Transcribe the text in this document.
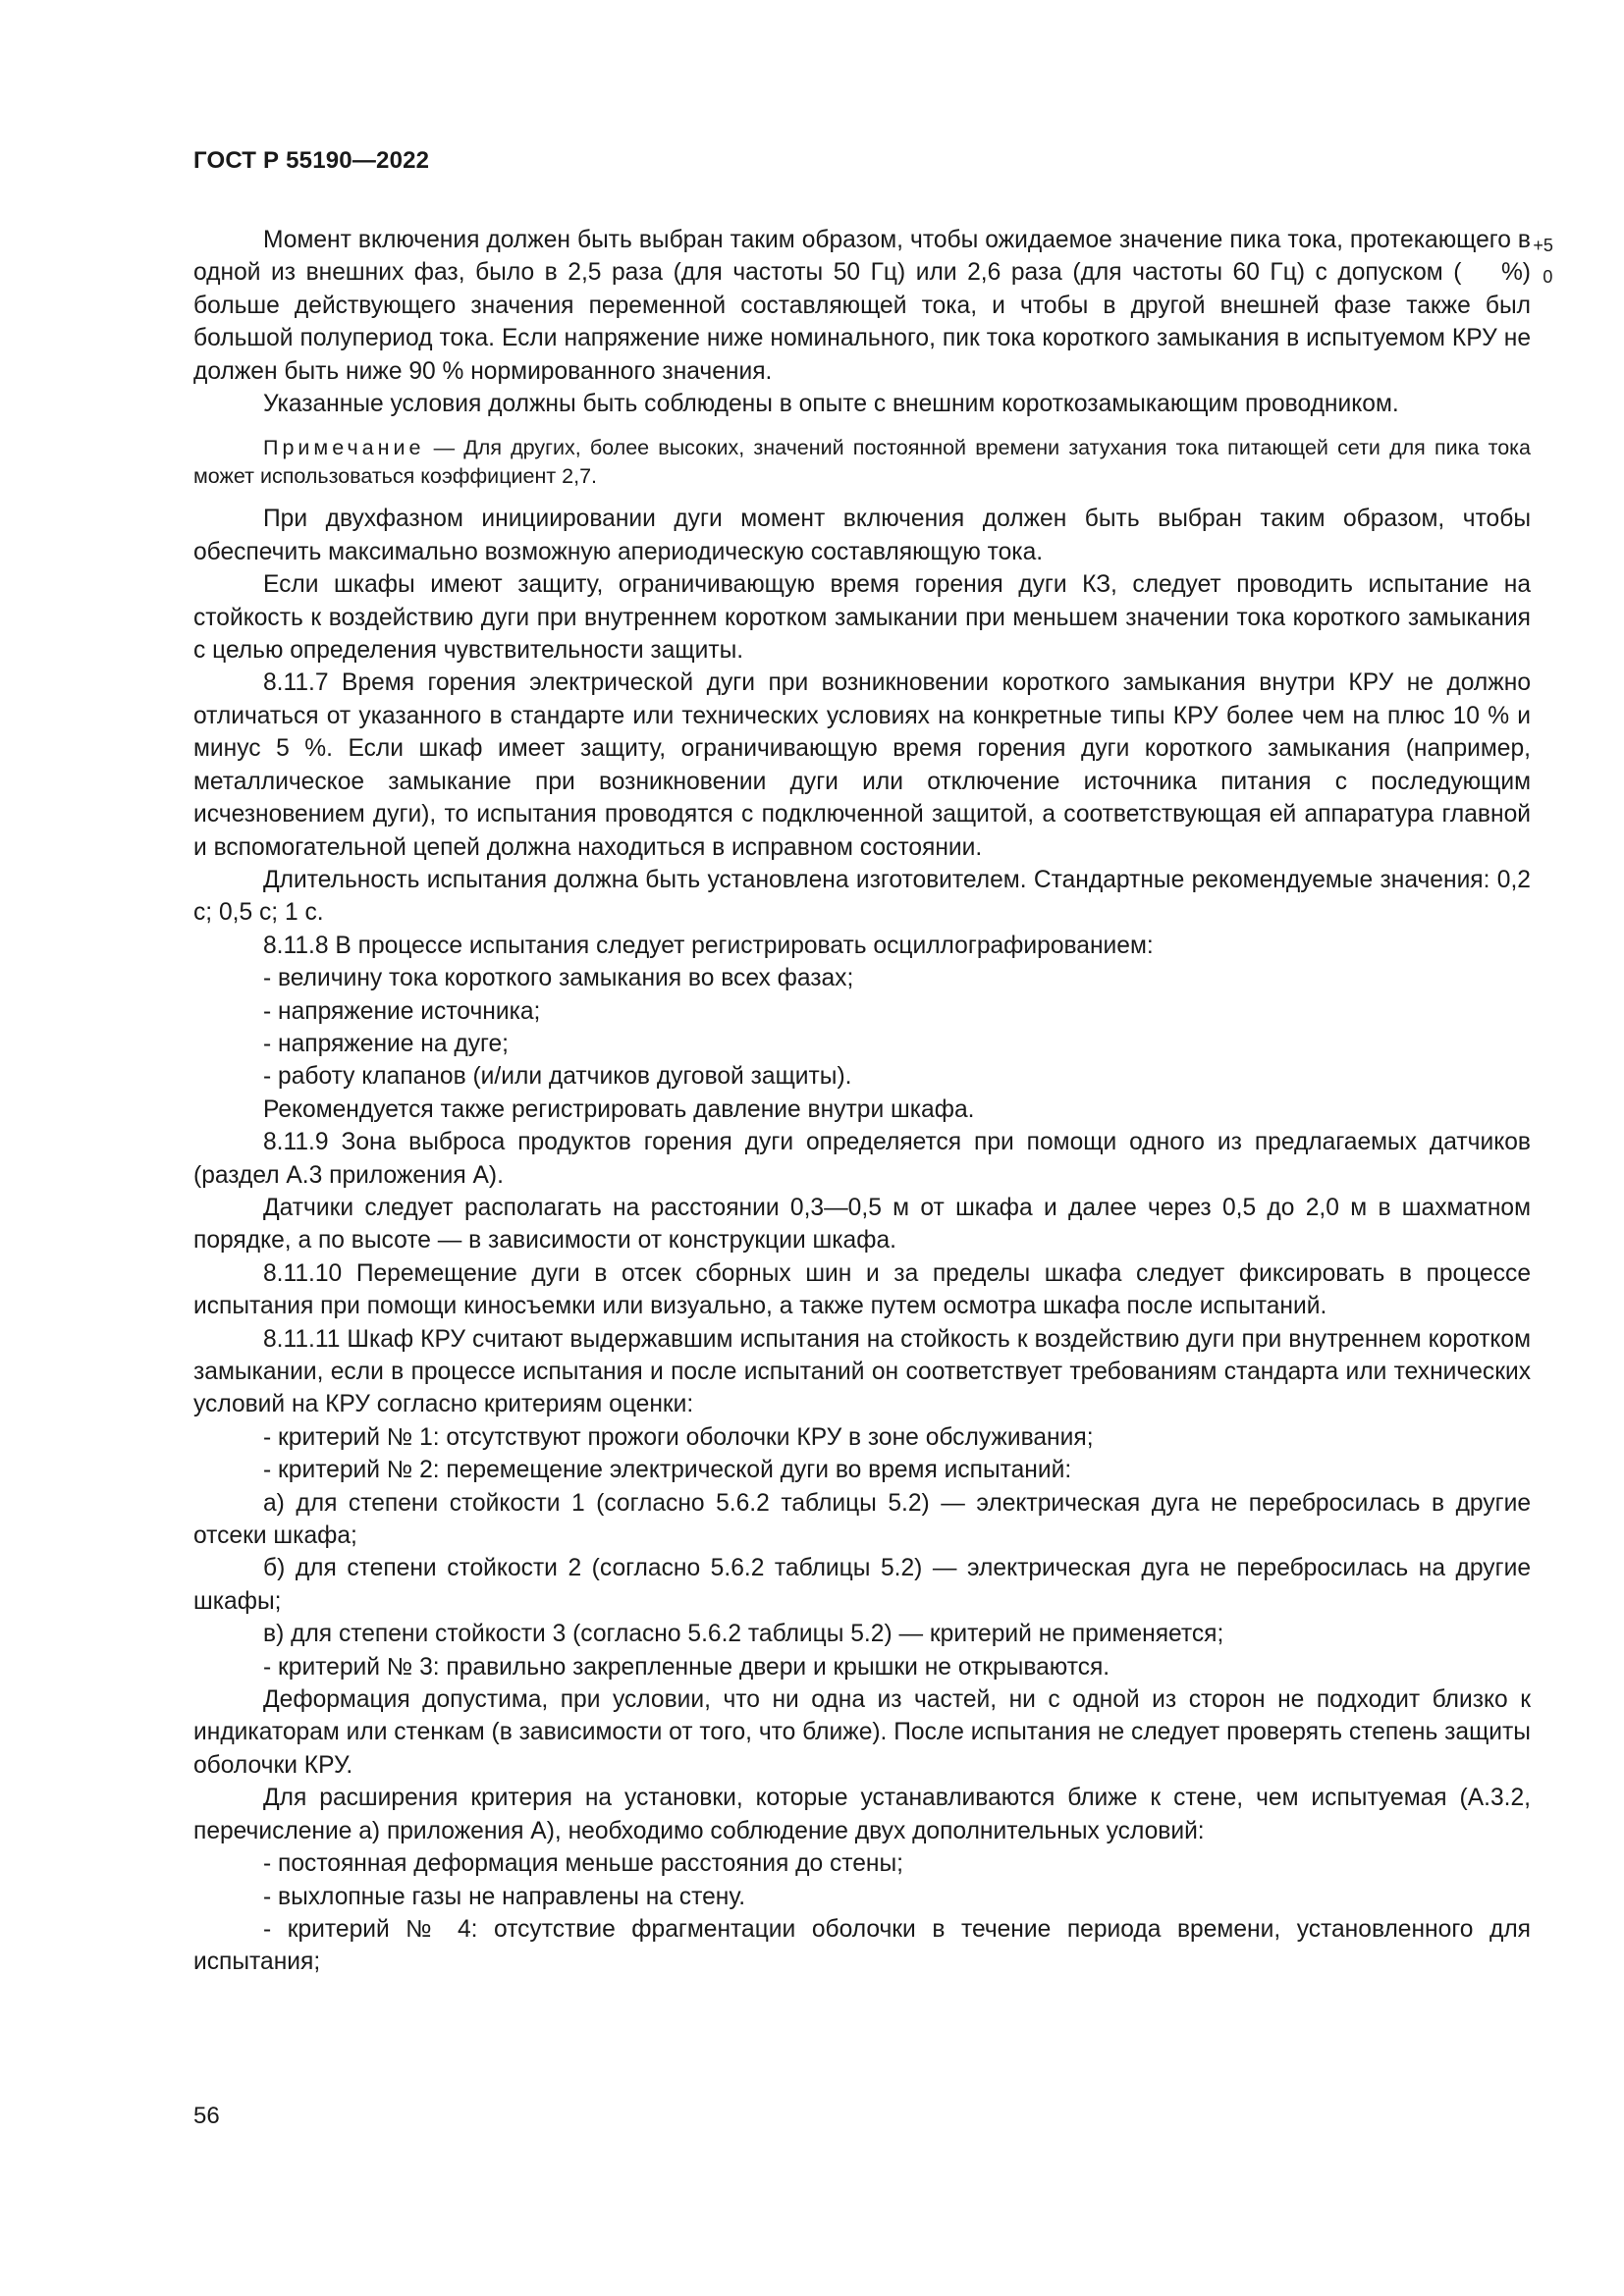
ГОСТ Р 55190—2022

Момент включения должен быть выбран таким образом, чтобы ожидаемое значение пика тока, протекающего в одной из внешних фаз, было в 2,5 раза (для частоты 50 Гц) или 2,6 раза (для частоты 60 Гц) с допуском (
+5
0
%) больше действующего значения переменной составляющей тока, и чтобы в другой внешней фазе также был большой полупериод тока. Если напряжение ниже номинального, пик тока короткого замыкания в испытуемом КРУ не должен быть ниже 90 % нормированного значения.

Указанные условия должны быть соблюдены в опыте с внешним короткозамыкающим проводником.

Примечание — Для других, более высоких, значений постоянной времени затухания тока питающей сети для пика тока может использоваться коэффициент 2,7.

При двухфазном инициировании дуги момент включения должен быть выбран таким образом, чтобы обеспечить максимально возможную апериодическую составляющую тока.

Если шкафы имеют защиту, ограничивающую время горения дуги КЗ, следует проводить испытание на стойкость к воздействию дуги при внутреннем коротком замыкании при меньшем значении тока короткого замыкания с целью определения чувствительности защиты.

8.11.7 Время горения электрической дуги при возникновении короткого замыкания внутри КРУ не должно отличаться от указанного в стандарте или технических условиях на конкретные типы КРУ более чем на плюс 10 % и минус 5 %. Если шкаф имеет защиту, ограничивающую время горения дуги короткого замыкания (например, металлическое замыкание при возникновении дуги или отключение источника питания с последующим исчезновением дуги), то испытания проводятся с подключенной защитой, а соответствующая ей аппаратура главной и вспомогательной цепей должна находиться в исправном состоянии.

Длительность испытания должна быть установлена изготовителем. Стандартные рекомендуемые значения: 0,2 с; 0,5 с; 1 с.

8.11.8 В процессе испытания следует регистрировать осциллографированием:

- величину тока короткого замыкания во всех фазах;

- напряжение источника;

- напряжение на дуге;

- работу клапанов (и/или датчиков дуговой защиты).

Рекомендуется также регистрировать давление внутри шкафа.

8.11.9 Зона выброса продуктов горения дуги определяется при помощи одного из предлагаемых датчиков (раздел А.3 приложения А).

Датчики следует располагать на расстоянии 0,3—0,5 м от шкафа и далее через 0,5 до 2,0 м в шахматном порядке, а по высоте — в зависимости от конструкции шкафа.

8.11.10 Перемещение дуги в отсек сборных шин и за пределы шкафа следует фиксировать в процессе испытания при помощи киносъемки или визуально, а также путем осмотра шкафа после испытаний.

8.11.11 Шкаф КРУ считают выдержавшим испытания на стойкость к воздействию дуги при внутреннем коротком замыкании, если в процессе испытания и после испытаний он соответствует требованиям стандарта или технических условий на КРУ согласно критериям оценки:

- критерий № 1: отсутствуют прожоги оболочки КРУ в зоне обслуживания;

- критерий № 2: перемещение электрической дуги во время испытаний:

а) для степени стойкости 1 (согласно 5.6.2 таблицы 5.2) — электрическая дуга не перебросилась в другие отсеки шкафа;

б) для степени стойкости 2 (согласно 5.6.2 таблицы 5.2) — электрическая дуга не перебросилась на другие шкафы;

в) для степени стойкости 3 (согласно 5.6.2 таблицы 5.2) — критерий не применяется;

- критерий № 3: правильно закрепленные двери и крышки не открываются.

Деформация допустима, при условии, что ни одна из частей, ни с одной из сторон не подходит близко к индикаторам или стенкам (в зависимости от того, что ближе). После испытания не следует проверять степень защиты оболочки КРУ.

Для расширения критерия на установки, которые устанавливаются ближе к стене, чем испытуемая (А.3.2, перечисление а) приложения А), необходимо соблюдение двух дополнительных условий:

- постоянная деформация меньше расстояния до стены;

- выхлопные газы не направлены на стену.

- критерий № 4: отсутствие фрагментации оболочки в течение периода времени, установленного для испытания;

56
